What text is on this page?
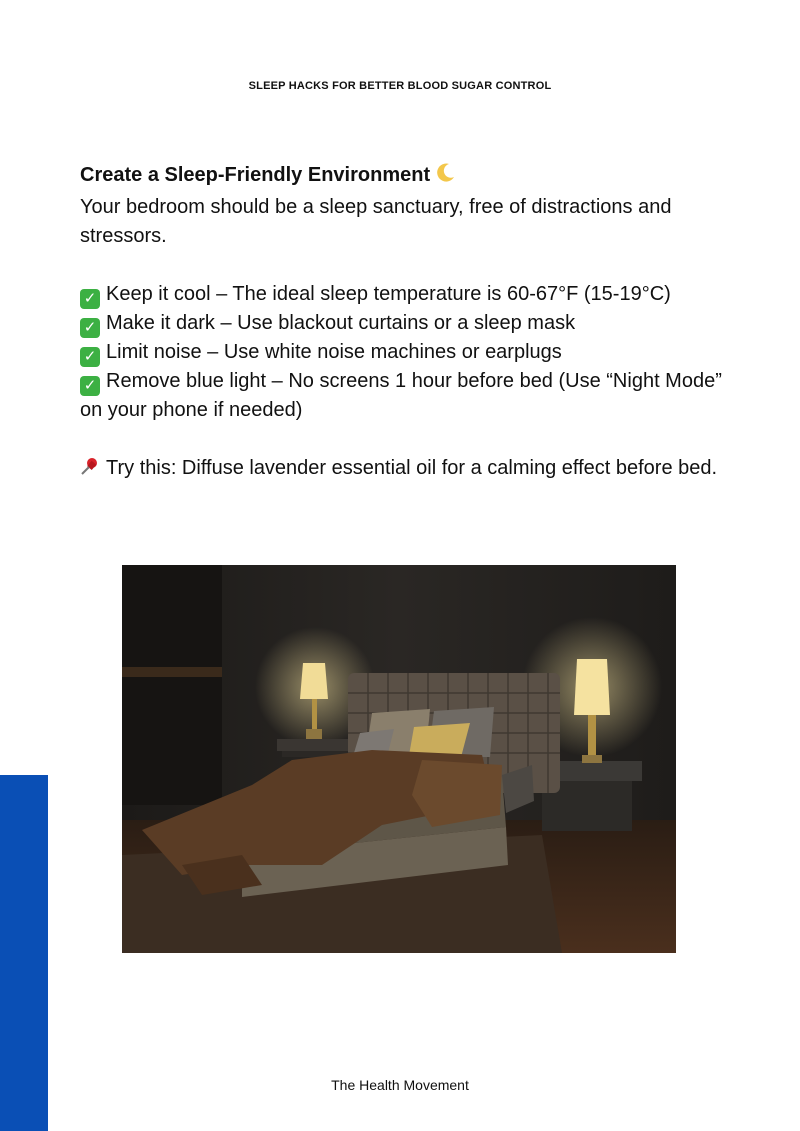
SLEEP HACKS FOR BETTER BLOOD SUGAR CONTROL

Create a Sleep-Friendly Environment

Your bedroom should be a sleep sanctuary, free of distractions and stressors.

✓ Keep it cool – The ideal sleep temperature is 60-67°F (15-19°C)

✓ Make it dark – Use blackout curtains or a sleep mask

✓ Limit noise – Use white noise machines or earplugs

✓ Remove blue light – No screens 1 hour before bed (Use “Night Mode” on your phone if needed)

Try this: Diffuse lavender essential oil for a calming effect before bed.

The Health Movement
